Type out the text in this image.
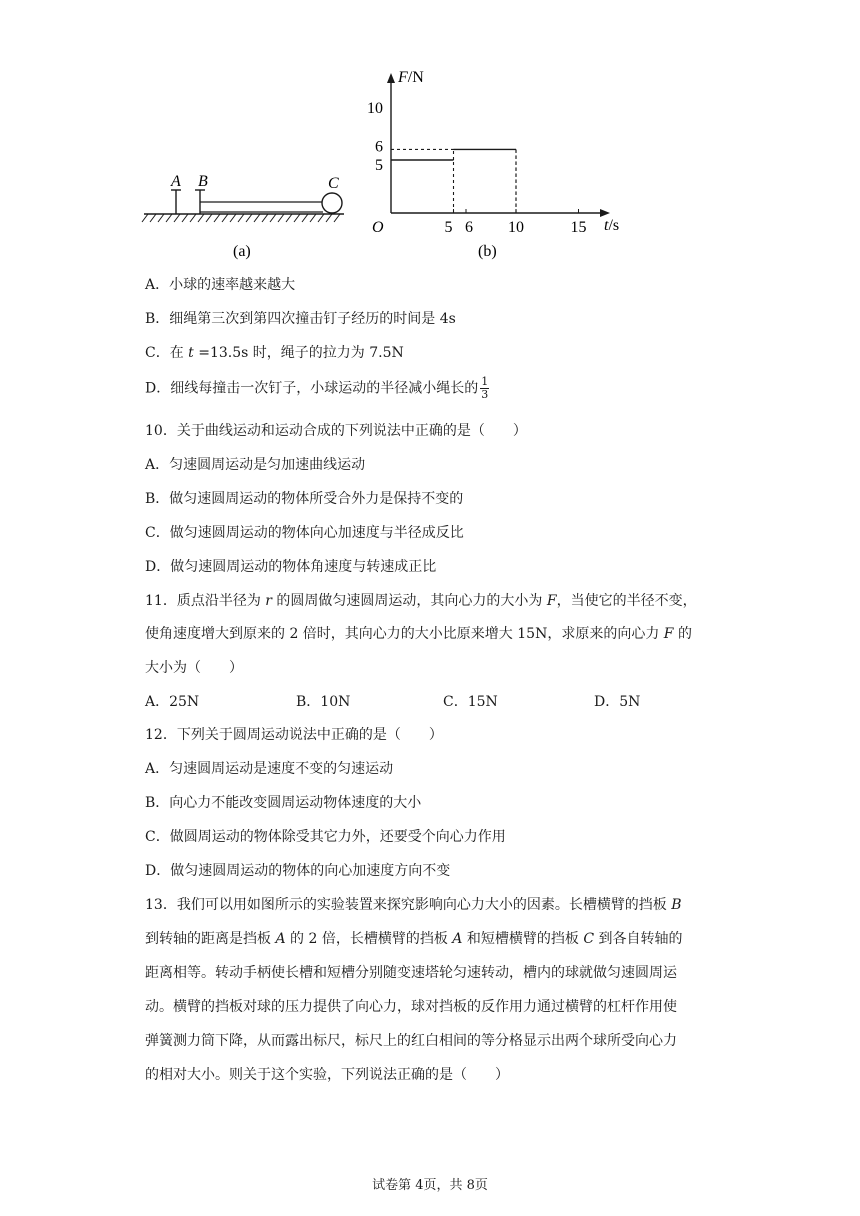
A B	C
(a)
5 6 10	15
5
6
10
F/N
t/s
O
(b)
A．小球的速率越来越大
B．细绳第三次到第四次撞击钉子经历的时间是 4s
C．在 t =13.5s 时，绳子的拉力为 7.5N
D．细线每撞击一次钉子，小球运动的半径减小绳长的 $\frac{1}{3}$
10．关于曲线运动和运动合成的下列说法中正确的是（　　）
A．匀速圆周运动是匀加速曲线运动
B．做匀速圆周运动的物体所受合外力是保持不变的
C．做匀速圆周运动的物体向心加速度与半径成反比
D．做匀速圆周运动的物体角速度与转速成正比
11．质点沿半径为 r 的圆周做匀速圆周运动，其向心力的大小为 F，当使它的半径不变，
使角速度增大到原来的 2 倍时，其向心力的大小比原来增大 15N，求原来的向心力 F 的
大小为（　　）
A．25N	B．10N	C．15N	D．5N
12．下列关于圆周运动说法中正确的是（　　）
A．匀速圆周运动是速度不变的匀速运动
B．向心力不能改变圆周运动物体速度的大小
C．做圆周运动的物体除受其它力外，还要受个向心力作用
D．做匀速圆周运动的物体的向心加速度方向不变
13．我们可以用如图所示的实验装置来探究影响向心力大小的因素。长槽横臂的挡板 B
到转轴的距离是挡板 A 的 2 倍，长槽横臂的挡板 A 和短槽横臂的挡板 C 到各自转轴的
距离相等。转动手柄使长槽和短槽分别随变速塔轮匀速转动，槽内的球就做匀速圆周运
动。横臂的挡板对球的压力提供了向心力，球对挡板的反作用力通过横臂的杠杆作用使
弹簧测力筒下降，从而露出标尺，标尺上的红白相间的等分格显示出两个球所受向心力
的相对大小。则关于这个实验，下列说法正确的是（　　）
试卷第 4页，共 8页
